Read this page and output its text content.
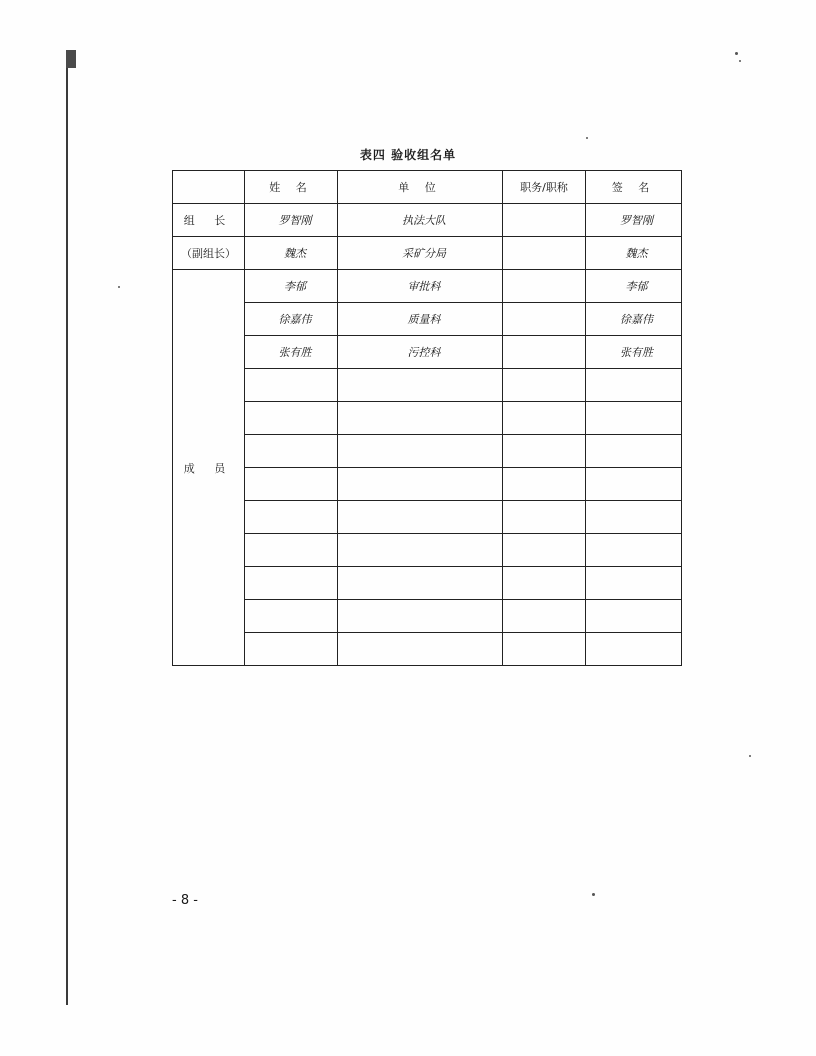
表四 验收组名单
	姓 名	单 位	职务/职称	签 名
组 长	罗智刚	执法大队		罗智刚
（副组长）	魏杰	采矿分局		魏杰
成 员	李郁	审批科		李郁
	徐嘉伟	质量科		徐嘉伟
	张有胜	污控科		张有胜

- 8 -
